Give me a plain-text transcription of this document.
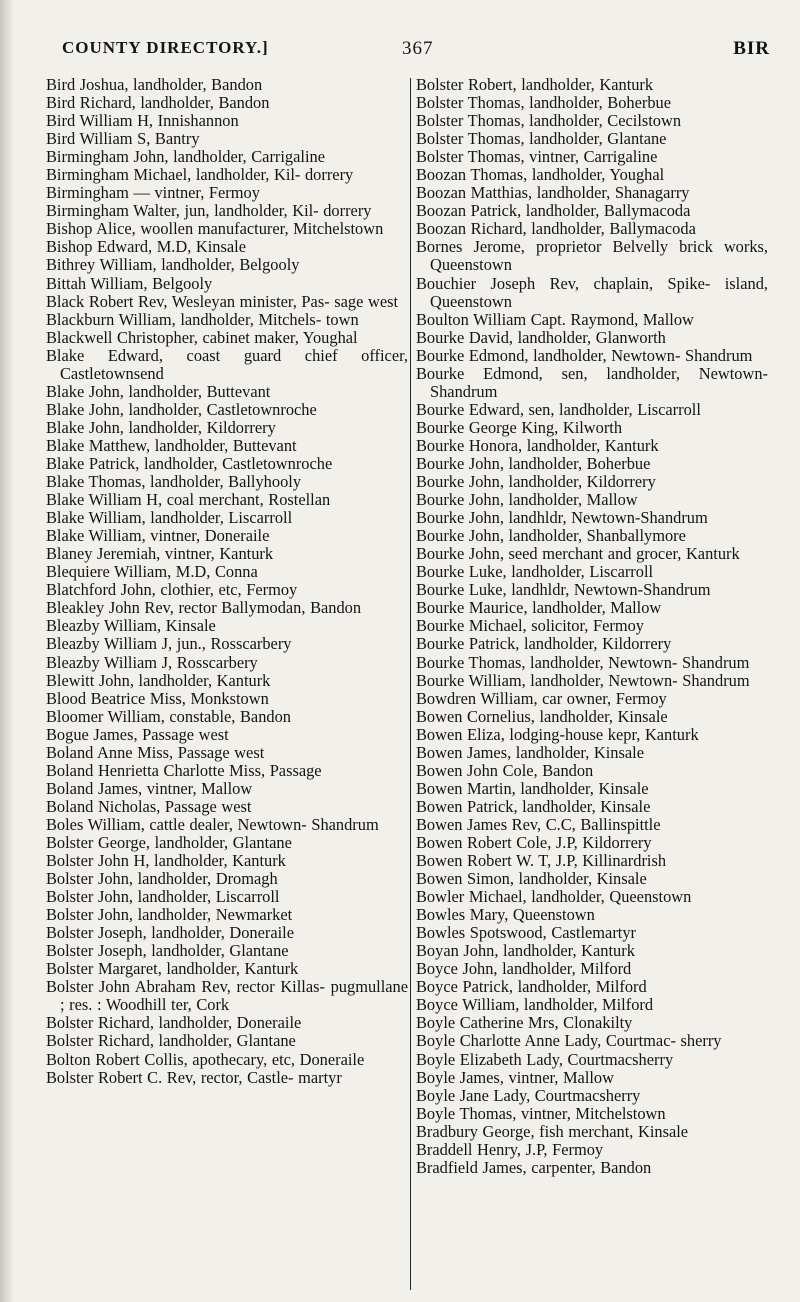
COUNTY DIRECTORY.]	367	BIR
Bird Joshua, landholder, Bandon
Bird Richard, landholder, Bandon
Bird William H, Innishannon
Bird William S, Bantry
Birmingham John, landholder, Carrigaline
Birmingham Michael, landholder, Kil- dorrery
Birmingham — vintner, Fermoy
Birmingham Walter, jun, landholder, Kil- dorrery
Bishop Alice, woollen manufacturer, Mitchelstown
Bishop Edward, M.D, Kinsale
Bithrey William, landholder, Belgooly
Bittah William, Belgooly
Black Robert Rev, Wesleyan minister, Pas- sage west
Blackburn William, landholder, Mitchels- town
Blackwell Christopher, cabinet maker, Youghal
Blake Edward, coast guard chief officer, Castletownsend
Blake John, landholder, Buttevant
Blake John, landholder, Castletownroche
Blake John, landholder, Kildorrery
Blake Matthew, landholder, Buttevant
Blake Patrick, landholder, Castletownroche
Blake Thomas, landholder, Ballyhooly
Blake William H, coal merchant, Rostellan
Blake William, landholder, Liscarroll
Blake William, vintner, Doneraile
Blaney Jeremiah, vintner, Kanturk
Blequiere William, M.D, Conna
Blatchford John, clothier, etc, Fermoy
Bleakley John Rev, rector Ballymodan, Bandon
Bleazby William, Kinsale
Bleazby William J, jun., Rosscarbery
Bleazby William J, Rosscarbery
Blewitt John, landholder, Kanturk
Blood Beatrice Miss, Monkstown
Bloomer William, constable, Bandon
Bogue James, Passage west
Boland Anne Miss, Passage west
Boland Henrietta Charlotte Miss, Passage
Boland James, vintner, Mallow
Boland Nicholas, Passage west
Boles William, cattle dealer, Newtown- Shandrum
Bolster George, landholder, Glantane
Bolster John H, landholder, Kanturk
Bolster John, landholder, Dromagh
Bolster John, landholder, Liscarroll
Bolster John, landholder, Newmarket
Bolster Joseph, landholder, Doneraile
Bolster Joseph, landholder, Glantane
Bolster Margaret, landholder, Kanturk
Bolster John Abraham Rev, rector Killas- pugmullane ; res. : Woodhill ter, Cork
Bolster Richard, landholder, Doneraile
Bolster Richard, landholder, Glantane
Bolton Robert Collis, apothecary, etc, Doneraile
Bolster Robert C. Rev, rector, Castle- martyr
Bolster Robert, landholder, Kanturk
Bolster Thomas, landholder, Boherbue
Bolster Thomas, landholder, Cecilstown
Bolster Thomas, landholder, Glantane
Bolster Thomas, vintner, Carrigaline
Boozan Thomas, landholder, Youghal
Boozan Matthias, landholder, Shanagarry
Boozan Patrick, landholder, Ballymacoda
Boozan Richard, landholder, Ballymacoda
Bornes Jerome, proprietor Belvelly brick works, Queenstown
Bouchier Joseph Rev, chaplain, Spike- island, Queenstown
Boulton William Capt. Raymond, Mallow
Bourke David, landholder, Glanworth
Bourke Edmond, landholder, Newtown- Shandrum
Bourke Edmond, sen, landholder, Newtown- Shandrum
Bourke Edward, sen, landholder, Liscarroll
Bourke George King, Kilworth
Bourke Honora, landholder, Kanturk
Bourke John, landholder, Boherbue
Bourke John, landholder, Kildorrery
Bourke John, landholder, Mallow
Bourke John, landhldr, Newtown-Shandrum
Bourke John, landholder, Shanballymore
Bourke John, seed merchant and grocer, Kanturk
Bourke Luke, landholder, Liscarroll
Bourke Luke, landhldr, Newtown-Shandrum
Bourke Maurice, landholder, Mallow
Bourke Michael, solicitor, Fermoy
Bourke Patrick, landholder, Kildorrery
Bourke Thomas, landholder, Newtown- Shandrum
Bourke William, landholder, Newtown- Shandrum
Bowdren William, car owner, Fermoy
Bowen Cornelius, landholder, Kinsale
Bowen Eliza, lodging-house kepr, Kanturk
Bowen James, landholder, Kinsale
Bowen John Cole, Bandon
Bowen Martin, landholder, Kinsale
Bowen Patrick, landholder, Kinsale
Bowen James Rev, C.C, Ballinspittle
Bowen Robert Cole, J.P, Kildorrery
Bowen Robert W. T, J.P, Killinardrish
Bowen Simon, landholder, Kinsale
Bowler Michael, landholder, Queenstown
Bowles Mary, Queenstown
Bowles Spotswood, Castlemartyr
Boyan John, landholder, Kanturk
Boyce John, landholder, Milford
Boyce Patrick, landholder, Milford
Boyce William, landholder, Milford
Boyle Catherine Mrs, Clonakilty
Boyle Charlotte Anne Lady, Courtmac- sherry
Boyle Elizabeth Lady, Courtmacsherry
Boyle James, vintner, Mallow
Boyle Jane Lady, Courtmacsherry
Boyle Thomas, vintner, Mitchelstown
Bradbury George, fish merchant, Kinsale
Braddell Henry, J.P, Fermoy
Bradfield James, carpenter, Bandon
